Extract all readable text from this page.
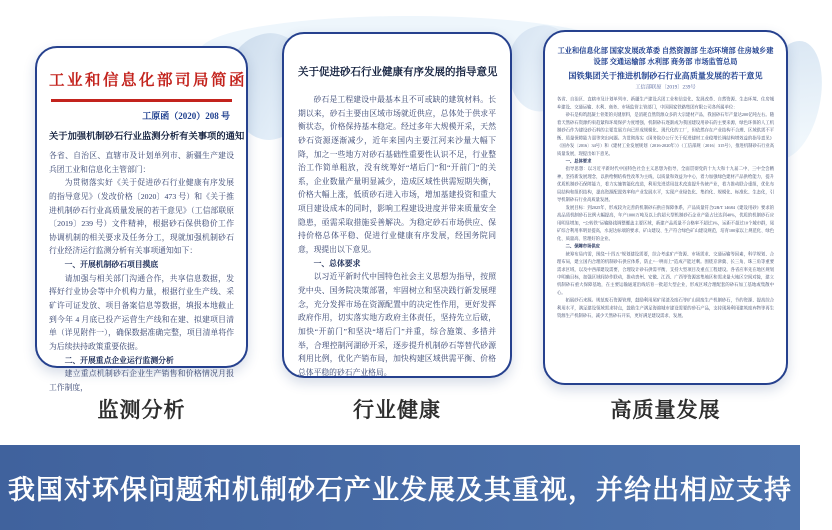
工业和信息化部司局简函
工原函（2020）208 号
关于加强机制砂石行业监测分析有关事项的通知

各省、自治区、直辖市及计划单列市、新疆生产建设兵团工业和信息化主管部门：

为贯彻落实好《关于促进砂石行业健康有序发展的指导意见》（发改价格〔2020〕473 号）和《关于推进机制砂石行业高质量发展的若干意见》（工信部联原〔2019〕239 号）文件精神，根据砂石保供稳价工作协调机制的相关要求及任务分工，现就加强机制砂石行业经济运行监测分析有关事项通知如下：

一、开展机制砂石项目摸底

请加强与相关部门沟通合作，共享信息数据，发挥好行业协会等中介机构力量，根据行业生产线、采矿许可证发放、项目备案信息等数据，填报本地截止到今年 4 月底已投产运营生产线和在建、拟建项目清单（详见附件一），确保数据准确完整，项目清单将作为后续扶持政策重要依据。

二、开展重点企业运行监测分析

建立重点机制砂石企业生产销售和价格情况月报工作制度，

关于促进砂石行业健康有序发展的指导意见

砂石是工程建设中最基本且不可或缺的建筑材料。长期以来，砂石主要由区域市场就近供应，总体处于供求平衡状态，价格保持基本稳定。经过多年大规模开采，天然砂石资源逐渐减少，近年来国内主要江河来沙量大幅下降，加之一些地方对砂石基础性重要性认识不足，行业整治工作简单粗放，没有统筹好“堵后门”和“开前门”的关系，企业数量产量明显减少，造成区域性供需短期失衡，价格大幅上涨，低质砂石进入市场，增加基建投资和重大项目建设成本的同时，影响工程建设进度并带来质量安全隐患，亟需采取措施妥善解决。为稳定砂石市场供应、保持价格总体平稳、促进行业健康有序发展，经国务院同意，现提出以下意见。

一、总体要求

以习近平新时代中国特色社会主义思想为指导，按照党中央、国务院决策部署，牢固树立和坚决践行新发展理念，充分发挥市场在资源配置中的决定性作用，更好发挥政府作用，切实落实地方政府主体责任，坚持先立后破，加快“开前门”和坚决“堵后门”并重，综合施策、多措并举，合理控制河湖砂开采，逐步提升机制砂石等替代砂源利用比例，优化产销布局，加快构建区域供需平衡、价格总体平稳的砂石产业格局。

工业和信息化部 国家发展改革委 自然资源部 生态环境部 住房城乡建设部 交通运输部 水利部 商务部 市场监管总局
国铁集团关于推进机制砂石行业高质量发展的若干意见
工信部联原〔2019〕239号

各省、自治区、直辖市及计划单列市、新疆生产建设兵团工业和信息化、发展改革、自然资源、生态环境、住房城乡建设、交通运输、水利、商务、市场监管主管部门，中国国家铁路集团有限公司各所属单位：

砂石是构筑混凝土骨架的关键原料，是消耗自然资源众多的大宗建材产品，我国砂石年产量达200亿吨左右。随着天然砂石资源约束趋紧和环境保护力度增强，机制砂石逐渐成为我国建设用砂石的主要来源，绿色环保的人工机制砂石作为建设砂石料的主要发展方向已形成规模化、现代化的工厂，但依然存在产业结构不合理、区域供需不平衡、质量保障能力弱等突出问题。为贯彻落实《国务院办公厅关于促进建材工业稳增长调结构增效益的指导意见》（国办发〔2016〕34号）和《建材工业发展规划（2016-2020年）》（工信部规〔2016〕315号），推进机制砂石行业高质量发展，现提出如下意见。

一、总体要求

指导思想：以习近平新时代中国特色社会主义思想为指导，全面贯彻党的十九大和十九届二中、三中全会精神，坚持新发展理念，以供给侧结构性改革为主线，以质量和效益为中心，着力加强绿色建材产品供给能力，提升优质机制砂石保障能力，着力实施智能化改造，利用先进适用技术改造提升传统产业，着力推动联合重组，优化布局结构和组织结构，提高资源配置效率和产业发展水平，实现产业绿色化、集约化、规模化、标准化、生态化，引导机制砂石行业高质量发展。

发展目标：到2025年，形成较为完善的机制砂石供应保障体系，产品质量符合GB/T 14684《建设用砂》要求的高品质机制砂石比例大幅提高，年产1000万吨及以上的超大型机制砂石企业产能占比达到40%，优质的机制砂石应用明显增加，“公转铁”运输路线调整覆盖主要区域，新建产品质量不合格率不超过3%，运距不超过10个城市群，尾矿综合利用率明显提高，水泥达标端的要求、矿山建设、生产符合绿色矿山建设规范，培育100家以上规范化、绿色化、质量高、管理好的企业。

二、保障市场供应

统筹布局内需，围绕“十四五”规划建设需要，综合考虑矿产资源、市场需求、交通运输等因素，科学规划、合理布局，建立国内合理的机制砂石供应体系，防止“一哄而上”造成产能过剩。围绕京津冀、长三角、珠三角等重要需求区域，以及中西部建设需要，合理设计砂石供需平衡，支持大型项目及重点工程建设。各省应率先在地区规划中明确目标，加强区域间协作联动，推动贵州、安徽、江西、广西等资源富集地区和需求量大地区空间对接，建立机制砂石重大保障基地，在主要运输通道沿线培育一批超大型企业，形成区域合理配套的砂石加工基地或集散中心。

拓展砂石来源。规范废石资源管理，鼓励利用尾矿尾渣及废石等矿山固废生产机制砂石，节约资源、提高综合利用水平，满足建设领域需求特点，鼓励生产满足海绵城市建设需要的砂石产品，支持现场利用建筑废弃物等再生资源生产机制砂石，减少天然砂石开采，更好满足建设需求、发展。

监测分析	行业健康	高质量发展
我国对环保问题和机制砂石产业发展及其重视，并给出相应支持
